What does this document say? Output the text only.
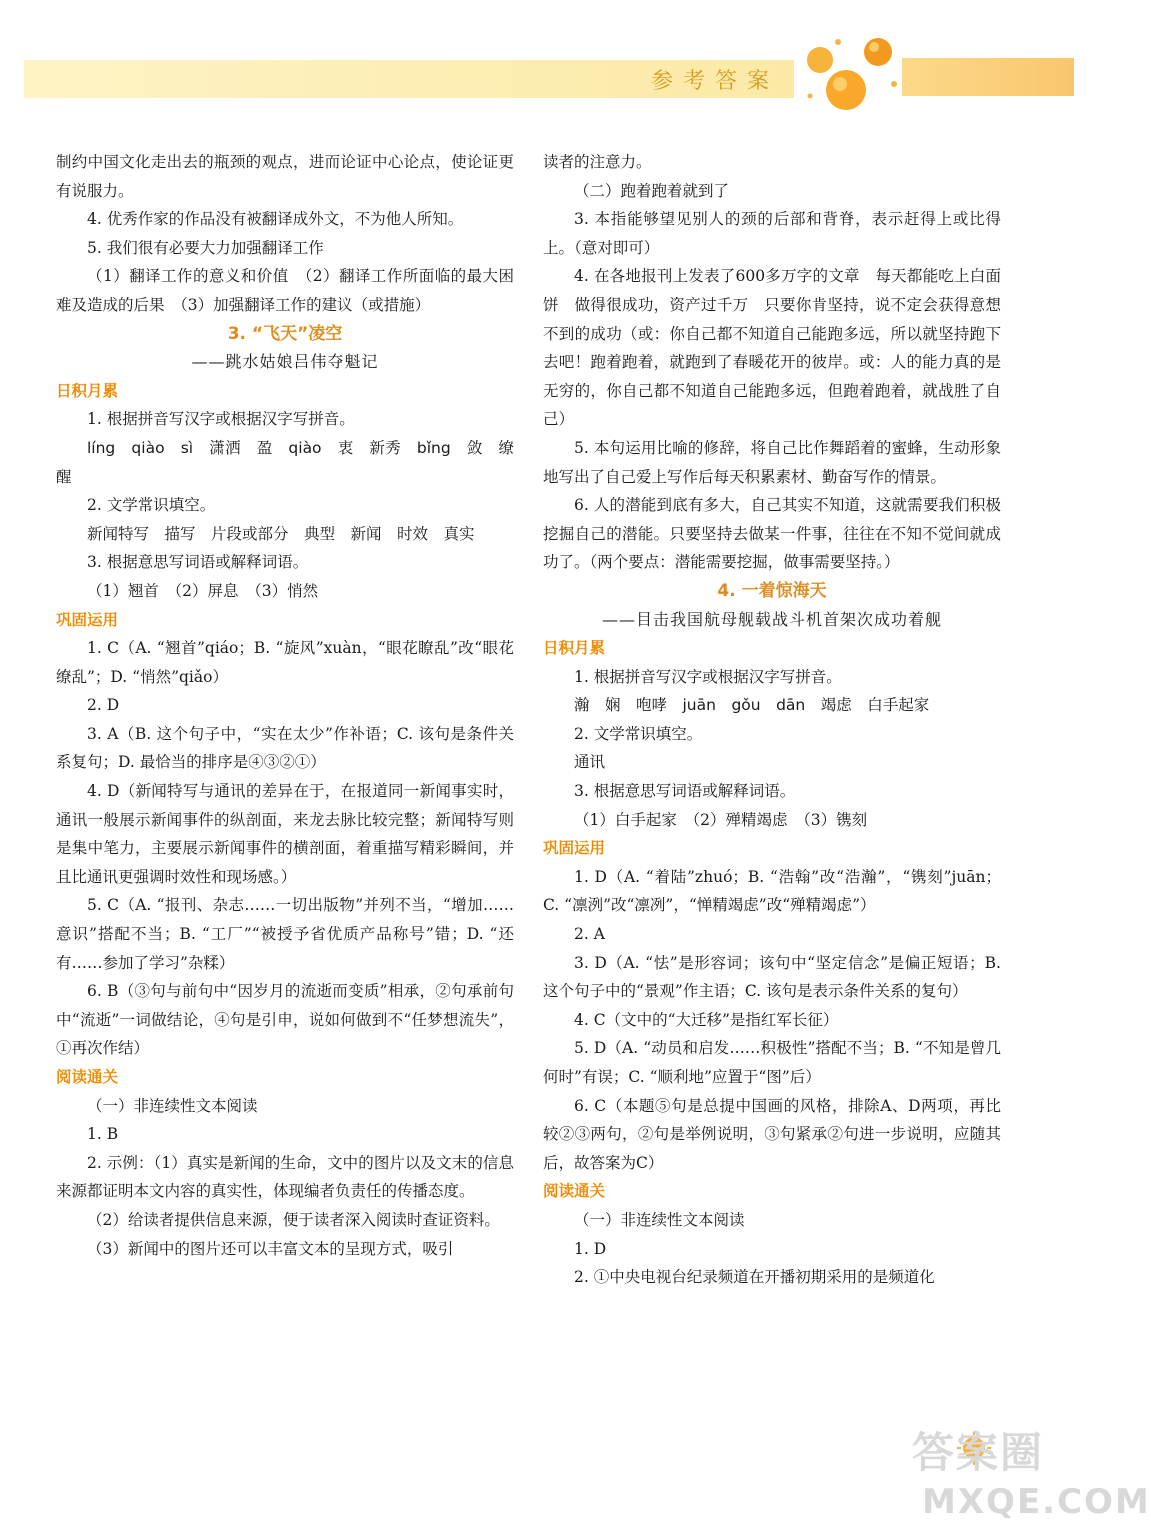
参考答案

制约中国文化走出去的瓶颈的观点，进而论证中心论点，使论证更有说服力。

4. 优秀作家的作品没有被翻译成外文，不为他人所知。

5. 我们很有必要大力加强翻译工作

（1）翻译工作的意义和价值　（2）翻译工作所面临的最大困难及造成的后果　（3）加强翻译工作的建议（或措施）

3. “飞天”凌空

——跳水姑娘吕伟夺魁记

日积月累

1. 根据拼音写汉字或根据汉字写拼音。

líng　qiào　sì　潇洒　盈　qiào　衷　新秀　bǐng　敛　缭　醒

2. 文学常识填空。

新闻特写　描写　片段或部分　典型　新闻　时效　真实

3. 根据意思写词语或解释词语。

（1）翘首　（2）屏息　（3）悄然

巩固运用

1. C（A. “翘首”qiáo；B. “旋风”xuàn，“眼花瞭乱”改“眼花缭乱”；D. “悄然”qiǎo）

2. D

3. A（B. 这个句子中，“实在太少”作补语；C. 该句是条件关系复句；D. 最恰当的排序是④③②①）

4. D（新闻特写与通讯的差异在于，在报道同一新闻事实时，通讯一般展示新闻事件的纵剖面，来龙去脉比较完整；新闻特写则是集中笔力，主要展示新闻事件的横剖面，着重描写精彩瞬间，并且比通讯更强调时效性和现场感。）

5. C（A. “报刊、杂志……一切出版物”并列不当，“增加……意识”搭配不当；B. “工厂”“被授予省优质产品称号”错；D. “还有……参加了学习”杂糅）

6. B（③句与前句中“因岁月的流逝而变质”相承，②句承前句中“流逝”一词做结论，④句是引申，说如何做到不“任梦想流失”，①再次作结）

阅读通关

（一）非连续性文本阅读

1. B

2. 示例：（1）真实是新闻的生命，文中的图片以及文末的信息来源都证明本文内容的真实性，体现编者负责任的传播态度。

（2）给读者提供信息来源，便于读者深入阅读时查证资料。

（3）新闻中的图片还可以丰富文本的呈现方式，吸引

读者的注意力。

（二）跑着跑着就到了

3. 本指能够望见别人的颈的后部和背脊，表示赶得上或比得上。（意对即可）

4. 在各地报刊上发表了600多万字的文章　每天都能吃上白面饼　做得很成功，资产过千万　只要你肯坚持，说不定会获得意想不到的成功（或：你自己都不知道自己能跑多远，所以就坚持跑下去吧！跑着跑着，就跑到了春暖花开的彼岸。或：人的能力真的是无穷的，你自己都不知道自己能跑多远，但跑着跑着，就战胜了自己）

5. 本句运用比喻的修辞，将自己比作舞蹈着的蜜蜂，生动形象地写出了自己爱上写作后每天积累素材、勤奋写作的情景。

6. 人的潜能到底有多大，自己其实不知道，这就需要我们积极挖掘自己的潜能。只要坚持去做某一件事，往往在不知不觉间就成功了。（两个要点：潜能需要挖掘，做事需要坚持。）

4. 一着惊海天

——目击我国航母舰载战斗机首架次成功着舰

日积月累

1. 根据拼音写汉字或根据汉字写拼音。

瀚　娴　咆哮　juān　gǒu　dān　竭虑　白手起家

2. 文学常识填空。

通讯

3. 根据意思写词语或解释词语。

（1）白手起家　（2）殚精竭虑　（3）镌刻

巩固运用

1. D（A. “着陆”zhuó；B. “浩翰”改“浩瀚”，“镌刻”juān；C. “凛洌”改“凛冽”，“惮精竭虑”改“殚精竭虑”）

2. A

3. D（A. “怯”是形容词；该句中“坚定信念”是偏正短语；B. 这个句子中的“景观”作主语；C. 该句是表示条件关系的复句）

4. C（文中的“大迁移”是指红军长征）

5. D（A. “动员和启发……积极性”搭配不当；B. “不知是曾几何时”有误；C. “顺利地”应置于“图”后）

6. C（本题⑤句是总提中国画的风格，排除A、D两项，再比较②③两句，②句是举例说明，③句紧承②句进一步说明，应随其后，故答案为C）

阅读通关

（一）非连续性文本阅读

1. D

2. ①中央电视台纪录频道在开播初期采用的是频道化

答案圈
MXQE.COM
